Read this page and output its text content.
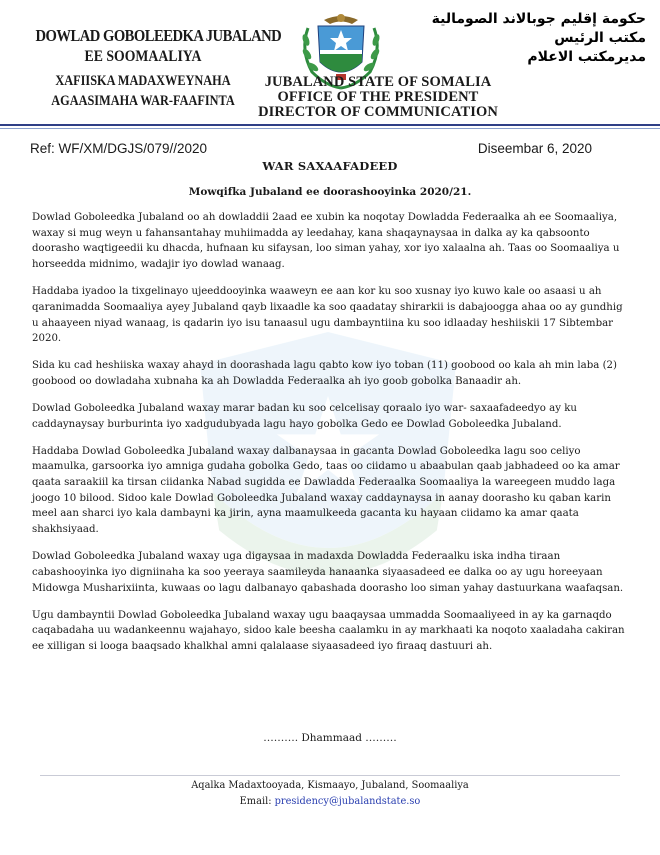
DOWLAD GOBOLEEDKA JUBALAND
EE SOOMAALIYA
XAFIISKA MADAXWEYNAHA
AGAASIMAHA WAR-FAAFINTA
حكومة إقليم جوبالاند الصومالية
مكتب الرئيس
مديرمكتب الاعلام
JUBALAND STATE OF SOMALIA
OFFICE OF THE PRESIDENT
DIRECTOR OF COMMUNICATION
Ref: WF/XM/DGJS/079//2020	Diseembar 6, 2020
WAR SAXAAFADEED
Mowqifka Jubaland ee doorashooyinka 2020/21.

Dowlad Goboleedka Jubaland oo ah dowladdii 2aad ee xubin ka noqotay Dowladda Federaalka ah ee Soomaaliya, waxay si mug weyn u fahansantahay muhiimadda ay leedahay, kana shaqaynaysaa in dalka ay ka qabsoonto doorasho waqtigeedii ku dhacda, hufnaan ku sifaysan, loo siman yahay, xor iyo xalaalna ah. Taas oo Soomaaliya u horseedda midnimo, wadajir iyo dowlad wanaag.

Haddaba iyadoo la tixgelinayo ujeeddooyinka waaweyn ee aan kor ku soo xusnay iyo kuwo kale oo asaasi u ah qaranimadda Soomaaliya ayey Jubaland qayb lixaadle ka soo qaadatay shirarkii is dabajoogga ahaa oo ay gundhig u ahaayeen niyad wanaag, is qadarin iyo isu tanaasul ugu dambayntiina ku soo idlaaday heshiiskii 17 Sibtembar 2020.

Sida ku cad heshiiska waxay ahayd in doorashada lagu qabto kow iyo toban (11) goobood oo kala ah min laba (2) goobood oo dowladaha xubnaha ka ah Dowladda Federaalka ah iyo goob gobolka Banaadir ah.

Dowlad Goboleedka Jubaland waxay marar badan ku soo celcelisay qoraalo iyo war- saxaafadeedyo ay ku caddaynaysay burburinta iyo xadgudubyada lagu hayo gobolka Gedo ee Dowlad Goboleedka Jubaland.

Haddaba Dowlad Goboleedka Jubaland waxay dalbanaysaa in gacanta Dowlad Goboleedka lagu soo celiyo maamulka, garsoorka iyo amniga gudaha gobolka Gedo, taas oo ciidamo u abaabulan qaab jabhadeed oo ka amar qaata saraakiil ka tirsan ciidanka Nabad sugidda ee Dawladda Federaalka Soomaaliya la wareegeen muddo laga joogo 10 bilood. Sidoo kale Dowlad Goboleedka Jubaland waxay caddaynaysa in aanay doorasho ku qaban karin meel aan sharci iyo kala dambayni ka jirin, ayna maamulkeeda gacanta ku hayaan ciidamo ka amar qaata shakhsiyaad.

Dowlad Goboleedka Jubaland waxay uga digaysaa in madaxda Dowladda Federaalku iska indha tiraan cabashooyinka iyo digniinaha ka soo yeeraya saamileyda hanaanka siyaasadeed ee dalka oo ay ugu horeeyaan Midowga Musharixiinta, kuwaas oo lagu dalbanayo qabashada doorasho loo siman yahay dastuurkana waafaqsan.

Ugu dambayntii Dowlad Goboleedka Jubaland waxay ugu baaqaysaa ummadda Soomaaliyeed in ay ka garnaqdo caqabadaha uu wadankeennu wajahayo, sidoo kale beesha caalamku in ay markhaati ka noqoto xaaladaha cakiran ee xilligan si looga baaqsado khalkhal amni qalalaase siyaasadeed iyo firaaq dastuuri ah.

………. Dhammaad ………
Aqalka Madaxtooyada, Kismaayo, Jubaland, Soomaaliya
Email: presidency@jubalandstate.so
